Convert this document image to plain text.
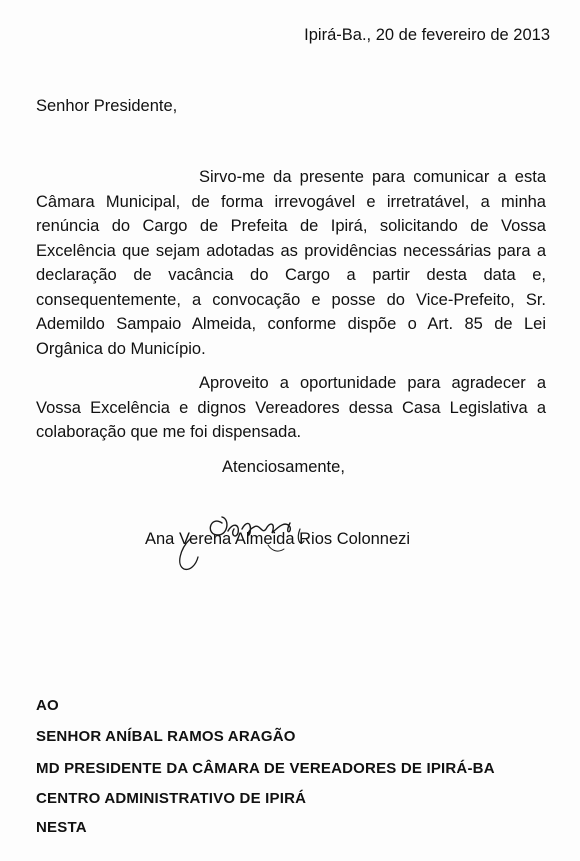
Ipirá-Ba., 20 de fevereiro de 2013
Senhor Presidente,

Sirvo-me da presente para comunicar a esta Câmara Municipal, de forma irrevogável e irretratável, a minha renúncia do Cargo de Prefeita de Ipirá, solicitando de Vossa Excelência que sejam adotadas as providências necessárias para a declaração de vacância do Cargo a partir desta data e, consequentemente, a convocação e posse do Vice-Prefeito, Sr. Ademildo Sampaio Almeida, conforme dispõe o Art. 85 de Lei Orgânica do Município.

Aproveito a oportunidade para agradecer a Vossa Excelência e dignos Vereadores dessa Casa Legislativa a colaboração que me foi dispensada.

Atenciosamente,
Ana Verena Almeida Rios Colonnezi
AO
SENHOR ANÍBAL RAMOS ARAGÃO
MD PRESIDENTE DA CÂMARA DE VEREADORES DE IPIRÁ-BA
CENTRO ADMINISTRATIVO DE IPIRÁ
NESTA
